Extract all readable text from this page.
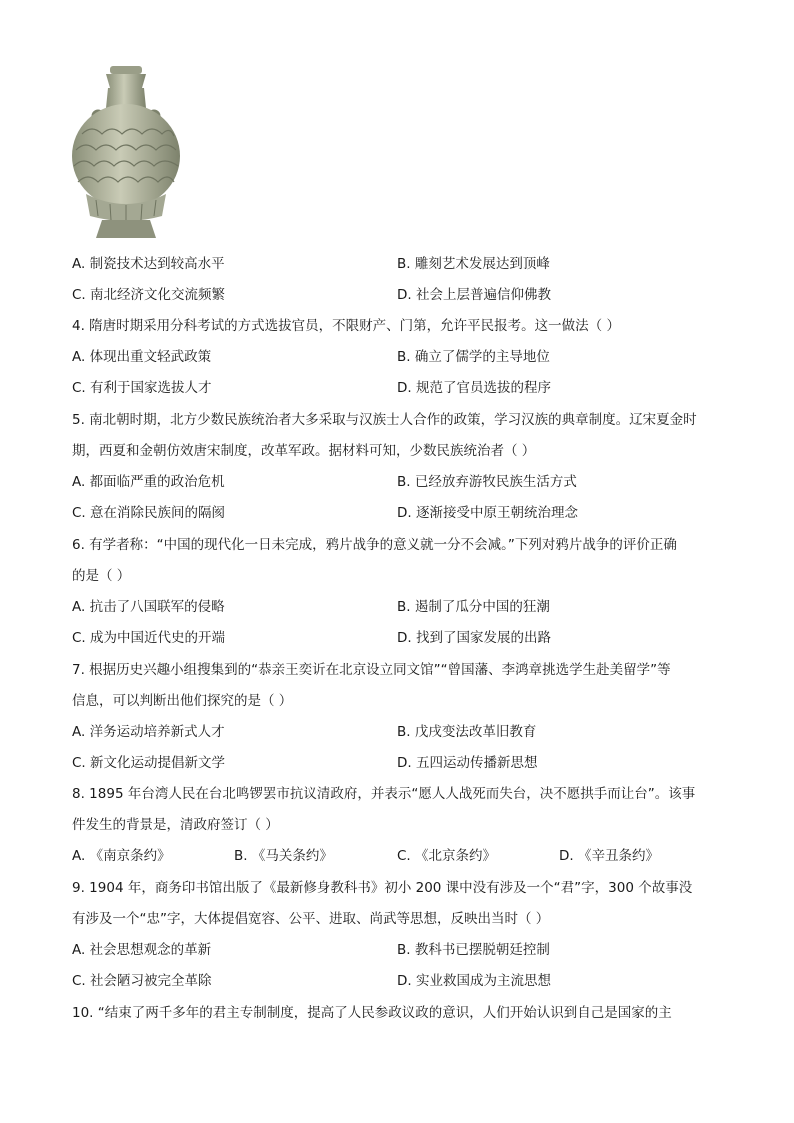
A. 制瓷技术达到较高水平	B. 雕刻艺术发展达到顶峰
C. 南北经济文化交流频繁	D. 社会上层普遍信仰佛教
4. 隋唐时期采用分科考试的方式选拔官员，不限财产、门第，允许平民报考。这一做法（ ）
A. 体现出重文轻武政策	B. 确立了儒学的主导地位
C. 有利于国家选拔人才	D. 规范了官员选拔的程序
5. 南北朝时期，北方少数民族统治者大多采取与汉族士人合作的政策，学习汉族的典章制度。辽宋夏金时
期，西夏和金朝仿效唐宋制度，改革军政。据材料可知，少数民族统治者（ ）
A. 都面临严重的政治危机	B. 已经放弃游牧民族生活方式
C. 意在消除民族间的隔阂	D. 逐渐接受中原王朝统治理念
6. 有学者称：“中国的现代化一日未完成，鸦片战争的意义就一分不会减。”下列对鸦片战争的评价正确
的是（ ）
A. 抗击了八国联军的侵略	B. 遏制了瓜分中国的狂潮
C. 成为中国近代史的开端	D. 找到了国家发展的出路
7. 根据历史兴趣小组搜集到的“恭亲王奕䜣在北京设立同文馆”“曾国藩、李鸿章挑选学生赴美留学”等
信息，可以判断出他们探究的是（ ）
A. 洋务运动培养新式人才	B. 戊戌变法改革旧教育
C. 新文化运动提倡新文学	D. 五四运动传播新思想
8. 1895 年台湾人民在台北鸣锣罢市抗议清政府，并表示“愿人人战死而失台，决不愿拱手而让台”。该事
件发生的背景是，清政府签订（ ）
A. 《南京条约》	B. 《马关条约》	C. 《北京条约》	D. 《辛丑条约》
9. 1904 年，商务印书馆出版了《最新修身教科书》初小 200 课中没有涉及一个“君”字，300 个故事没
有涉及一个“忠”字，大体提倡宽容、公平、进取、尚武等思想，反映出当时（ ）
A. 社会思想观念的革新	B. 教科书已摆脱朝廷控制
C. 社会陋习被完全革除	D. 实业救国成为主流思想
10. “结束了两千多年的君主专制制度，提高了人民参政议政的意识，人们开始认识到自己是国家的主
